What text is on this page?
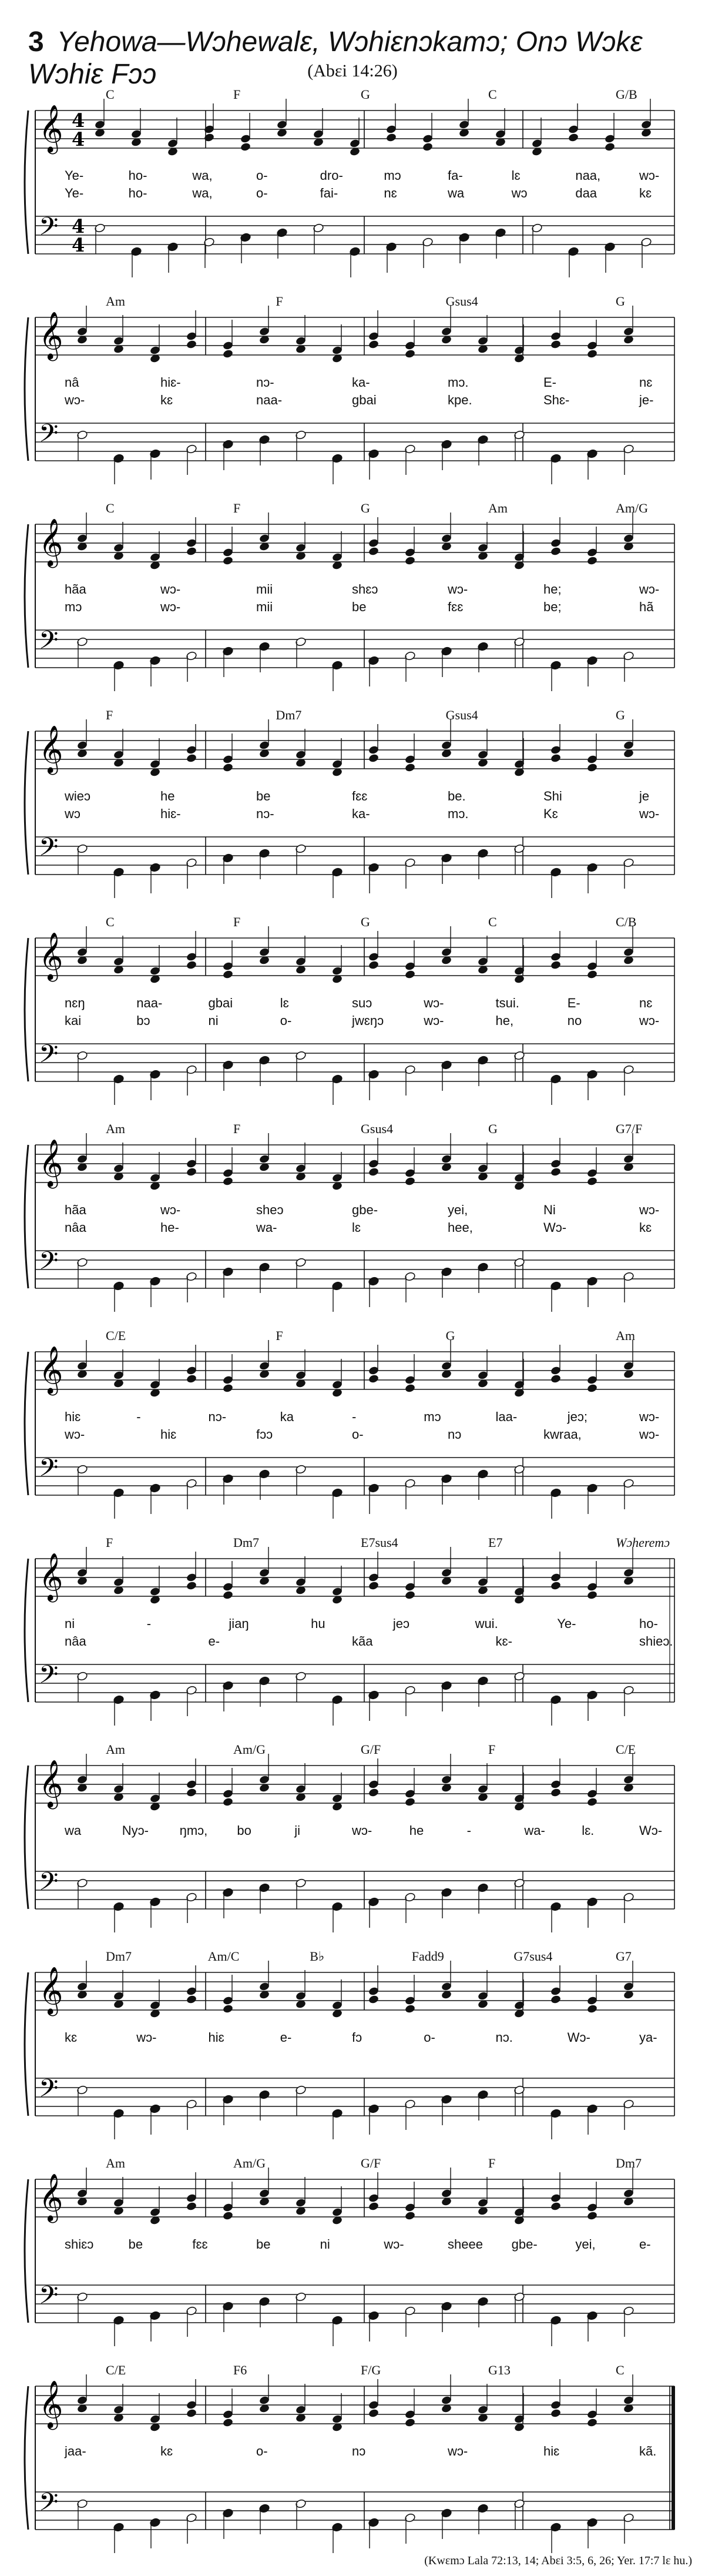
3 Yehowa—Wɔhewalɛ, Wɔhiɛnɔkamɔ; Onɔ Wɔkɛ Wɔhiɛ Fɔɔ	(Abɛi 14:26)
𝄞
𝄢
4
4
4
4
C	F	G	C	G/B
Ye-	ho-	wa,	o-	dro-	mɔ	fa-	lɛ	naa,	wɔ-
Ye-	ho-	wa,	o-	fai-	nɛ	wa	wɔ	daa	kɛ
𝄞
𝄢
Am	F	Gsus4	G
nâ	hiɛ-	nɔ-	ka-	mɔ.	E-	nɛ
wɔ-	kɛ	naa-	gbai	kpe.	Shɛ-	je-
𝄞
𝄢
C	F	G	Am	Am/G
hãa	wɔ-	mii	shɛɔ	wɔ-	he;	wɔ-
mɔ	wɔ-	mii	be	fɛɛ	be;	hã
𝄞
𝄢
F	Dm7	Gsus4	G
wieɔ	he	be	fɛɛ	be.	Shi	je
wɔ	hiɛ-	nɔ-	ka-	mɔ.	Kɛ	wɔ-
𝄞
𝄢
C	F	G	C	C/B
nɛŋ	naa-	gbai	lɛ	suɔ	wɔ-	tsui.	E-	nɛ
kai	bɔ	ni	o-	jwɛŋɔ	wɔ-	he,	no	wɔ-
𝄞
𝄢
Am	F	Gsus4	G	G7/F
hãa	wɔ-	sheɔ	gbe-	yei,	Ni	wɔ-
nâa	he-	wa-	lɛ	hee,	Wɔ-	kɛ
𝄞
𝄢
C/E	F	G	Am
hiɛ	-	nɔ-	ka	-	mɔ	laa-	jeɔ;	wɔ-
wɔ-	hiɛ	fɔɔ	o-	nɔ	kwraa,	wɔ-
𝄞
𝄢
F	Dm7	E7sus4	E7	Wɔheremɔ
ni	-	jiaŋ	hu	jeɔ	wui.	Ye-	ho-
nâa	e-	kãa	kɛ-	shieɔ.
𝄞
𝄢
Am	Am/G	G/F	F	C/E
wa	Nyɔ- ŋmɔ, bo	ji	wɔ-	he	-	wa-	lɛ.	Wɔ-
𝄞
𝄢
Dm7	Am/C	B♭	Fadd9	G7sus4	G7
kɛ	wɔ-	hiɛ	e-	fɔ	o-	nɔ.	Wɔ-	ya-
𝄞
𝄢
Am	Am/G	G/F	F	Dm7
shiɛɔ	be	fɛɛ	be	ni	wɔ-	sheee gbe-	yei,	e-
𝄞
𝄢
C/E	F6	F/G	G13	C
jaa-	kɛ	o-	nɔ	wɔ-	hiɛ	kã.
(Kwɛmɔ Lala 72:13, 14; Abɛi 3:5, 6, 26; Yer. 17:7 lɛ hu.)
